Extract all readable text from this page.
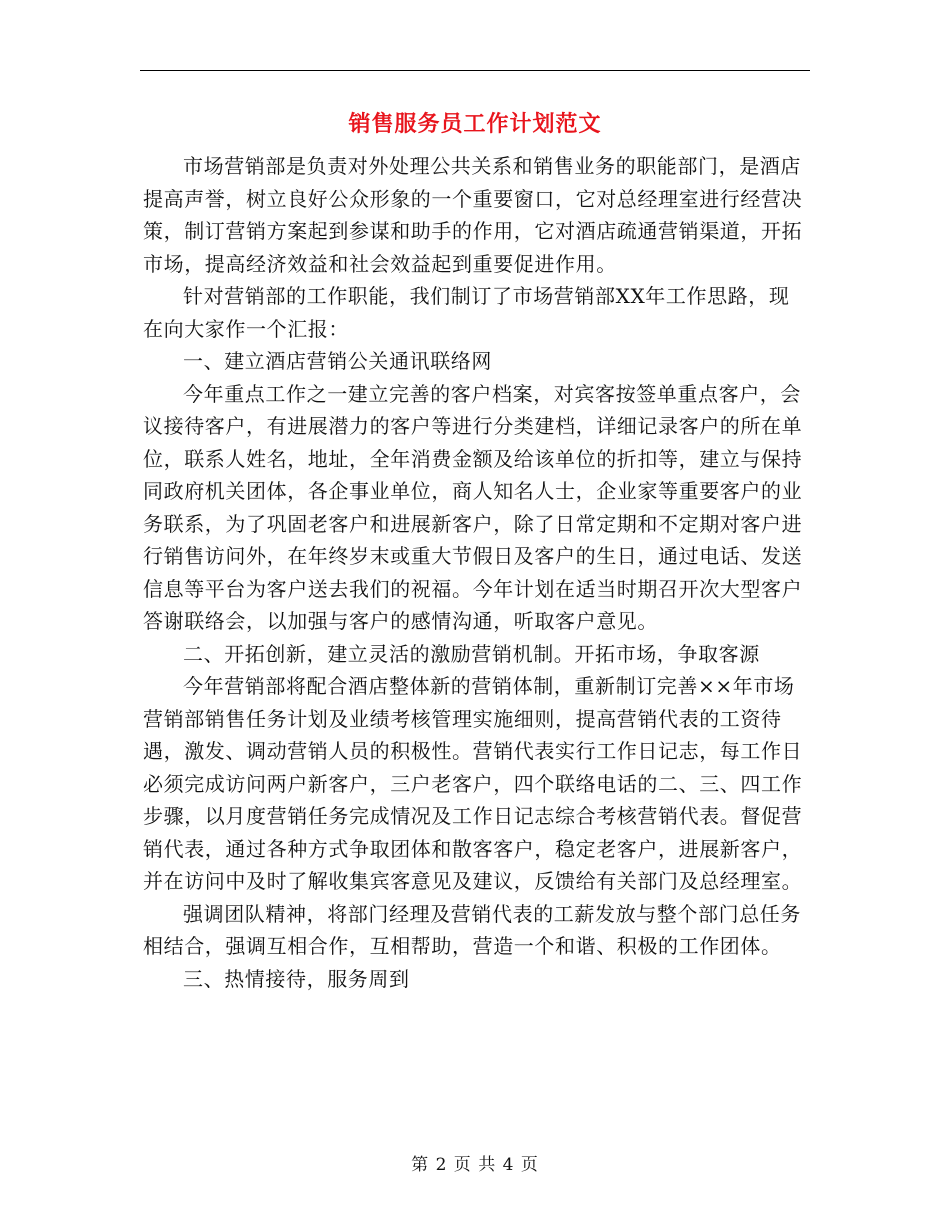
销售服务员工作计划范文

市场营销部是负责对外处理公共关系和销售业务的职能部门，是酒店提高声誉，树立良好公众形象的一个重要窗口，它对总经理室进行经营决策，制订营销方案起到参谋和助手的作用，它对酒店疏通营销渠道，开拓市场，提高经济效益和社会效益起到重要促进作用。

针对营销部的工作职能，我们制订了市场营销部XX年工作思路，现在向大家作一个汇报：

一、建立酒店营销公关通讯联络网

今年重点工作之一建立完善的客户档案，对宾客按签单重点客户，会议接待客户，有进展潜力的客户等进行分类建档，详细记录客户的所在单位，联系人姓名，地址，全年消费金额及给该单位的折扣等，建立与保持同政府机关团体，各企事业单位，商人知名人士，企业家等重要客户的业务联系，为了巩固老客户和进展新客户，除了日常定期和不定期对客户进行销售访问外，在年终岁末或重大节假日及客户的生日，通过电话、发送信息等平台为客户送去我们的祝福。今年计划在适当时期召开次大型客户答谢联络会，以加强与客户的感情沟通，听取客户意见。

二、开拓创新，建立灵活的激励营销机制。开拓市场，争取客源

今年营销部将配合酒店整体新的营销体制，重新制订完善××年市场营销部销售任务计划及业绩考核管理实施细则，提高营销代表的工资待遇，激发、调动营销人员的积极性。营销代表实行工作日记志，每工作日必须完成访问两户新客户，三户老客户，四个联络电话的二、三、四工作步骤，以月度营销任务完成情况及工作日记志综合考核营销代表。督促营销代表，通过各种方式争取团体和散客客户，稳定老客户，进展新客户，并在访问中及时了解收集宾客意见及建议，反馈给有关部门及总经理室。

强调团队精神，将部门经理及营销代表的工薪发放与整个部门总任务相结合，强调互相合作，互相帮助，营造一个和谐、积极的工作团体。

三、热情接待，服务周到

第 2 页 共 4 页
